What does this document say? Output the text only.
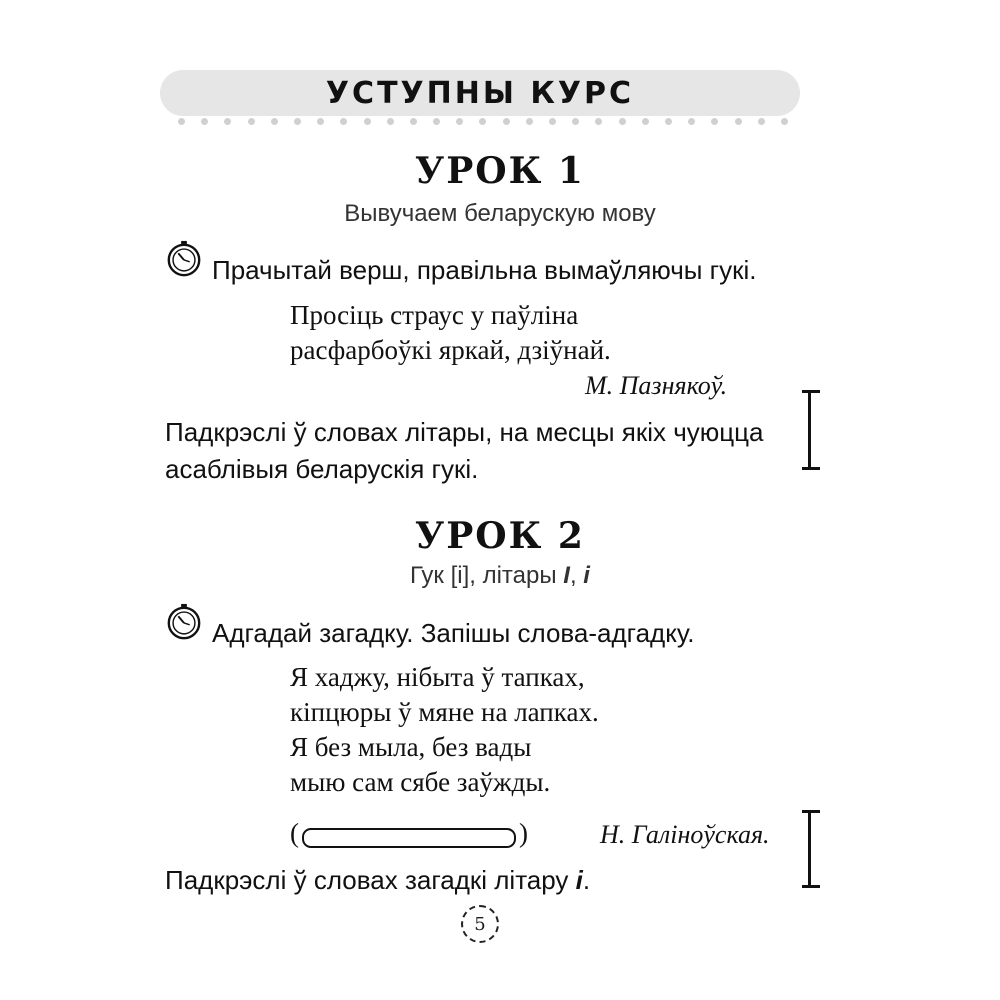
УСТУПНЫ КУРС
УРОК 1
Вывучаем беларускую мову
Прачытай верш, правільна вымаўляючы гукі.
Просіць страус у паўліна
расфарбоўкі яркай, дзіўнай.
М. Пазнякоў.
Падкрэслі ў словах літары, на месцы якіх чуюцца
асаблівыя беларускія гукі.
УРОК 2
Гук [і], літары І, і
Адгадай загадку. Запішы слова-адгадку.
Я хаджу, нібыта ў тапках,
кіпцюры ў мяне на лапках.
Я без мыла, без вады
мыю сам сябе заўжды.
(	)	Н. Галіноўская.
Падкрэслі ў словах загадкі літару і.
5
